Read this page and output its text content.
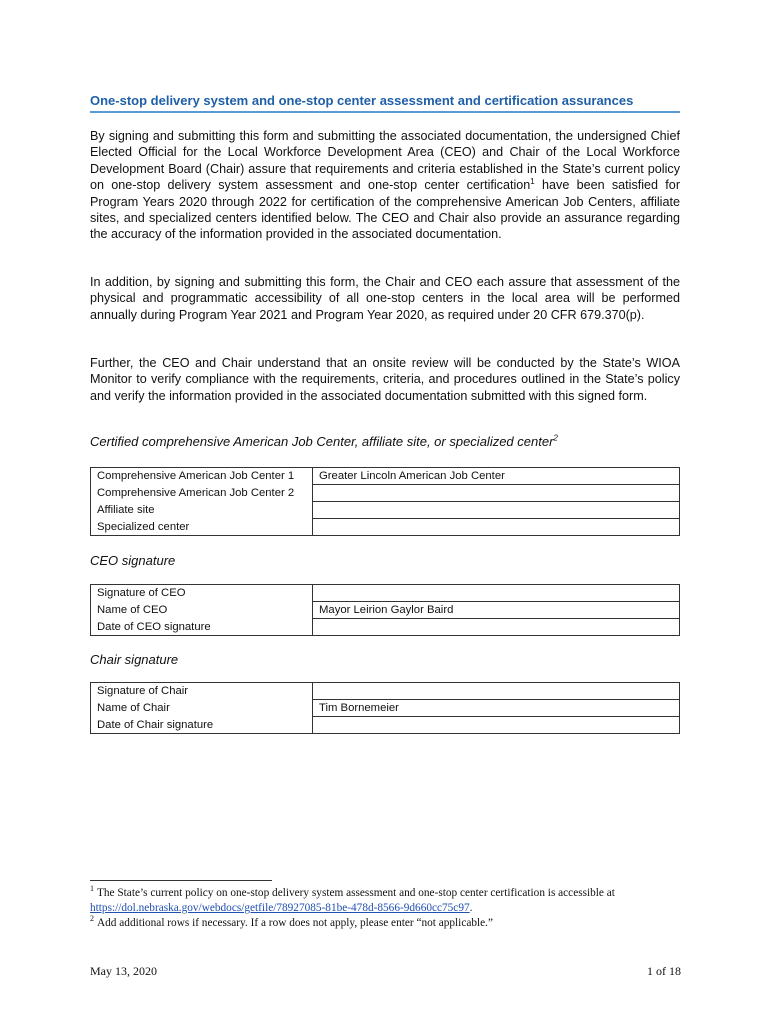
One-stop delivery system and one-stop center assessment and certification assurances

By signing and submitting this form and submitting the associated documentation, the undersigned Chief Elected Official for the Local Workforce Development Area (CEO) and Chair of the Local Workforce Development Board (Chair) assure that requirements and criteria established in the State’s current policy on one-stop delivery system assessment and one-stop center certification$^1$ have been satisfied for Program Years 2020 through 2022 for certification of the comprehensive American Job Centers, affiliate sites, and specialized centers identified below. The CEO and Chair also provide an assurance regarding the accuracy of the information provided in the associated documentation.

In addition, by signing and submitting this form, the Chair and CEO each assure that assessment of the physical and programmatic accessibility of all one-stop centers in the local area will be performed annually during Program Year 2021 and Program Year 2020, as required under 20 CFR 679.370(p).

Further, the CEO and Chair understand that an onsite review will be conducted by the State’s WIOA Monitor to verify compliance with the requirements, criteria, and procedures outlined in the State’s policy and verify the information provided in the associated documentation submitted with this signed form.

Certified comprehensive American Job Center, affiliate site, or specialized center$^2$
Comprehensive American Job Center 1	Greater Lincoln American Job Center
Comprehensive American Job Center 2	
Affiliate site	
Specialized center	
CEO signature
Signature of CEO	
Name of CEO	Mayor Leirion Gaylor Baird
Date of CEO signature	
Chair signature
Signature of Chair	
Name of Chair	Tim Bornemeier
Date of Chair signature	
$^1$ The State’s current policy on one-stop delivery system assessment and one-stop center certification is accessible at
https://dol.nebraska.gov/webdocs/getfile/78927085-81be-478d-8566-9d660cc75c97.
$^2$ Add additional rows if necessary. If a row does not apply, please enter “not applicable.”
May 13, 2020	1 of 18
